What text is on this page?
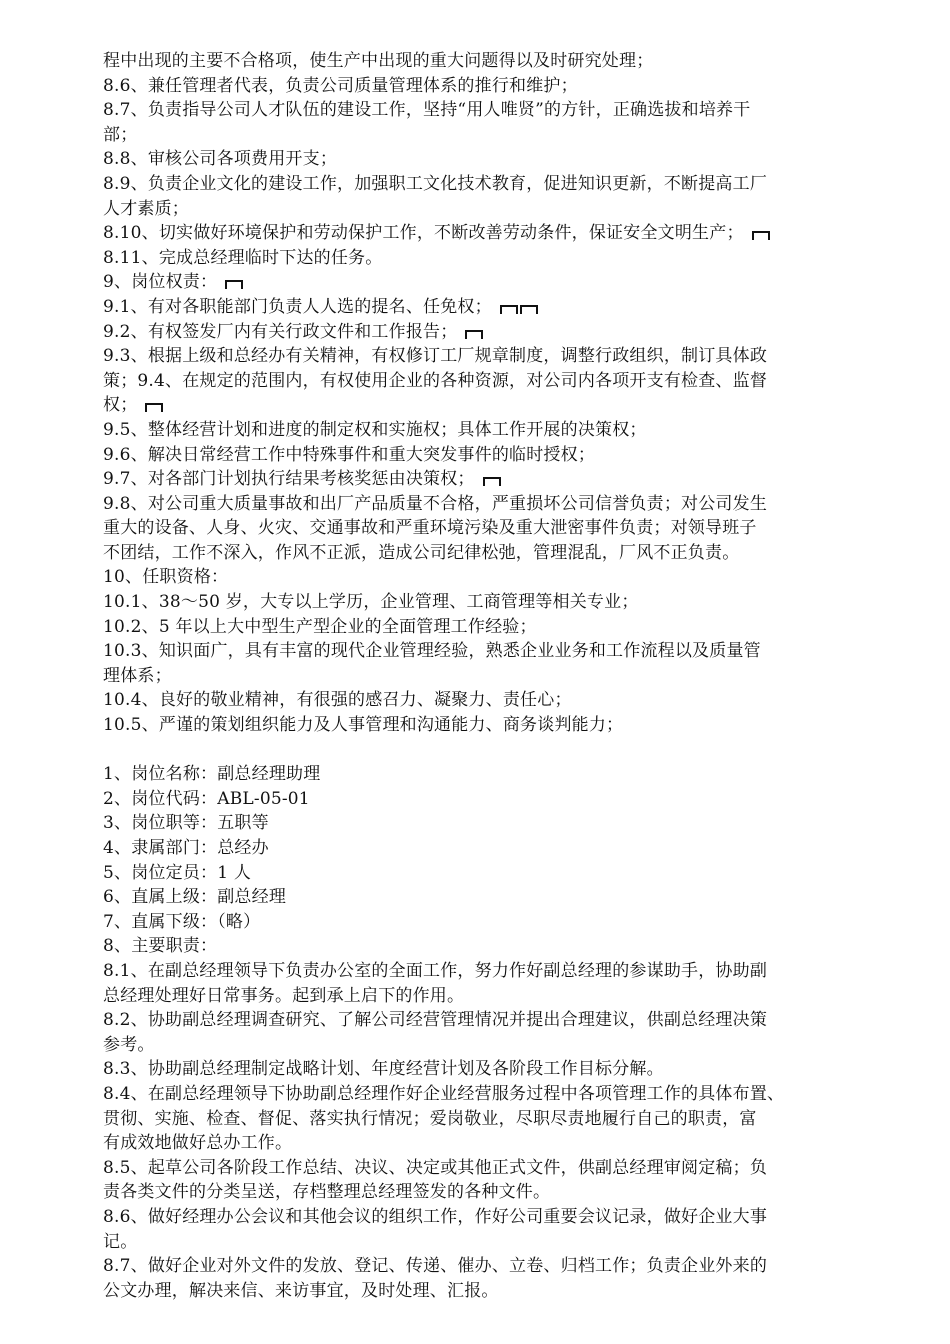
程中出现的主要不合格项，使生产中出现的重大问题得以及时研究处理；
8.6、兼任管理者代表，负责公司质量管理体系的推行和维护；
8.7、负责指导公司人才队伍的建设工作，坚持“用人唯贤”的方针，正确选拔和培养干
部；
8.8、审核公司各项费用开支；
8.9、负责企业文化的建设工作，加强职工文化技术教育，促进知识更新，不断提高工厂
人才素质；
8.10、切实做好环境保护和劳动保护工作，不断改善劳动条件，保证安全文明生产；
8.11、完成总经理临时下达的任务。
9、岗位权责：
9.1、有对各职能部门负责人人选的提名、任免权；
9.2、有权签发厂内有关行政文件和工作报告；
9.3、根据上级和总经办有关精神，有权修订工厂规章制度，调整行政组织，制订具体政
策；9.4、在规定的范围内，有权使用企业的各种资源，对公司内各项开支有检查、监督
权；
9.5、整体经营计划和进度的制定权和实施权；具体工作开展的决策权；
9.6、解决日常经营工作中特殊事件和重大突发事件的临时授权；
9.7、对各部门计划执行结果考核奖惩由决策权；
9.8、对公司重大质量事故和出厂产品质量不合格，严重损坏公司信誉负责；对公司发生
重大的设备、人身、火灾、交通事故和严重环境污染及重大泄密事件负责；对领导班子
不团结，工作不深入，作风不正派，造成公司纪律松弛，管理混乱，厂风不正负责。
10、任职资格：
10.1、38～50 岁，大专以上学历，企业管理、工商管理等相关专业；
10.2、5 年以上大中型生产型企业的全面管理工作经验；
10.3、知识面广，具有丰富的现代企业管理经验，熟悉企业业务和工作流程以及质量管
理体系；
10.4、良好的敬业精神，有很强的感召力、凝聚力、责任心；
10.5、严谨的策划组织能力及人事管理和沟通能力、商务谈判能力；
1、岗位名称：副总经理助理
2、岗位代码：ABL-05-01
3、岗位职等：五职等
4、隶属部门：总经办
5、岗位定员：1 人
6、直属上级：副总经理
7、直属下级：（略）
8、主要职责：
8.1、在副总经理领导下负责办公室的全面工作，努力作好副总经理的参谋助手，协助副
总经理处理好日常事务。起到承上启下的作用。
8.2、协助副总经理调查研究、了解公司经营管理情况并提出合理建议，供副总经理决策
参考。
8.3、协助副总经理制定战略计划、年度经营计划及各阶段工作目标分解。
8.4、在副总经理领导下协助副总经理作好企业经营服务过程中各项管理工作的具体布置、
贯彻、实施、检查、督促、落实执行情况；爱岗敬业，尽职尽责地履行自己的职责，富
有成效地做好总办工作。
8.5、起草公司各阶段工作总结、决议、决定或其他正式文件，供副总经理审阅定稿；负
责各类文件的分类呈送，存档整理总经理签发的各种文件。
8.6、做好经理办公会议和其他会议的组织工作，作好公司重要会议记录，做好企业大事
记。
8.7、做好企业对外文件的发放、登记、传递、催办、立卷、归档工作；负责企业外来的
公文办理，解决来信、来访事宜，及时处理、汇报。
